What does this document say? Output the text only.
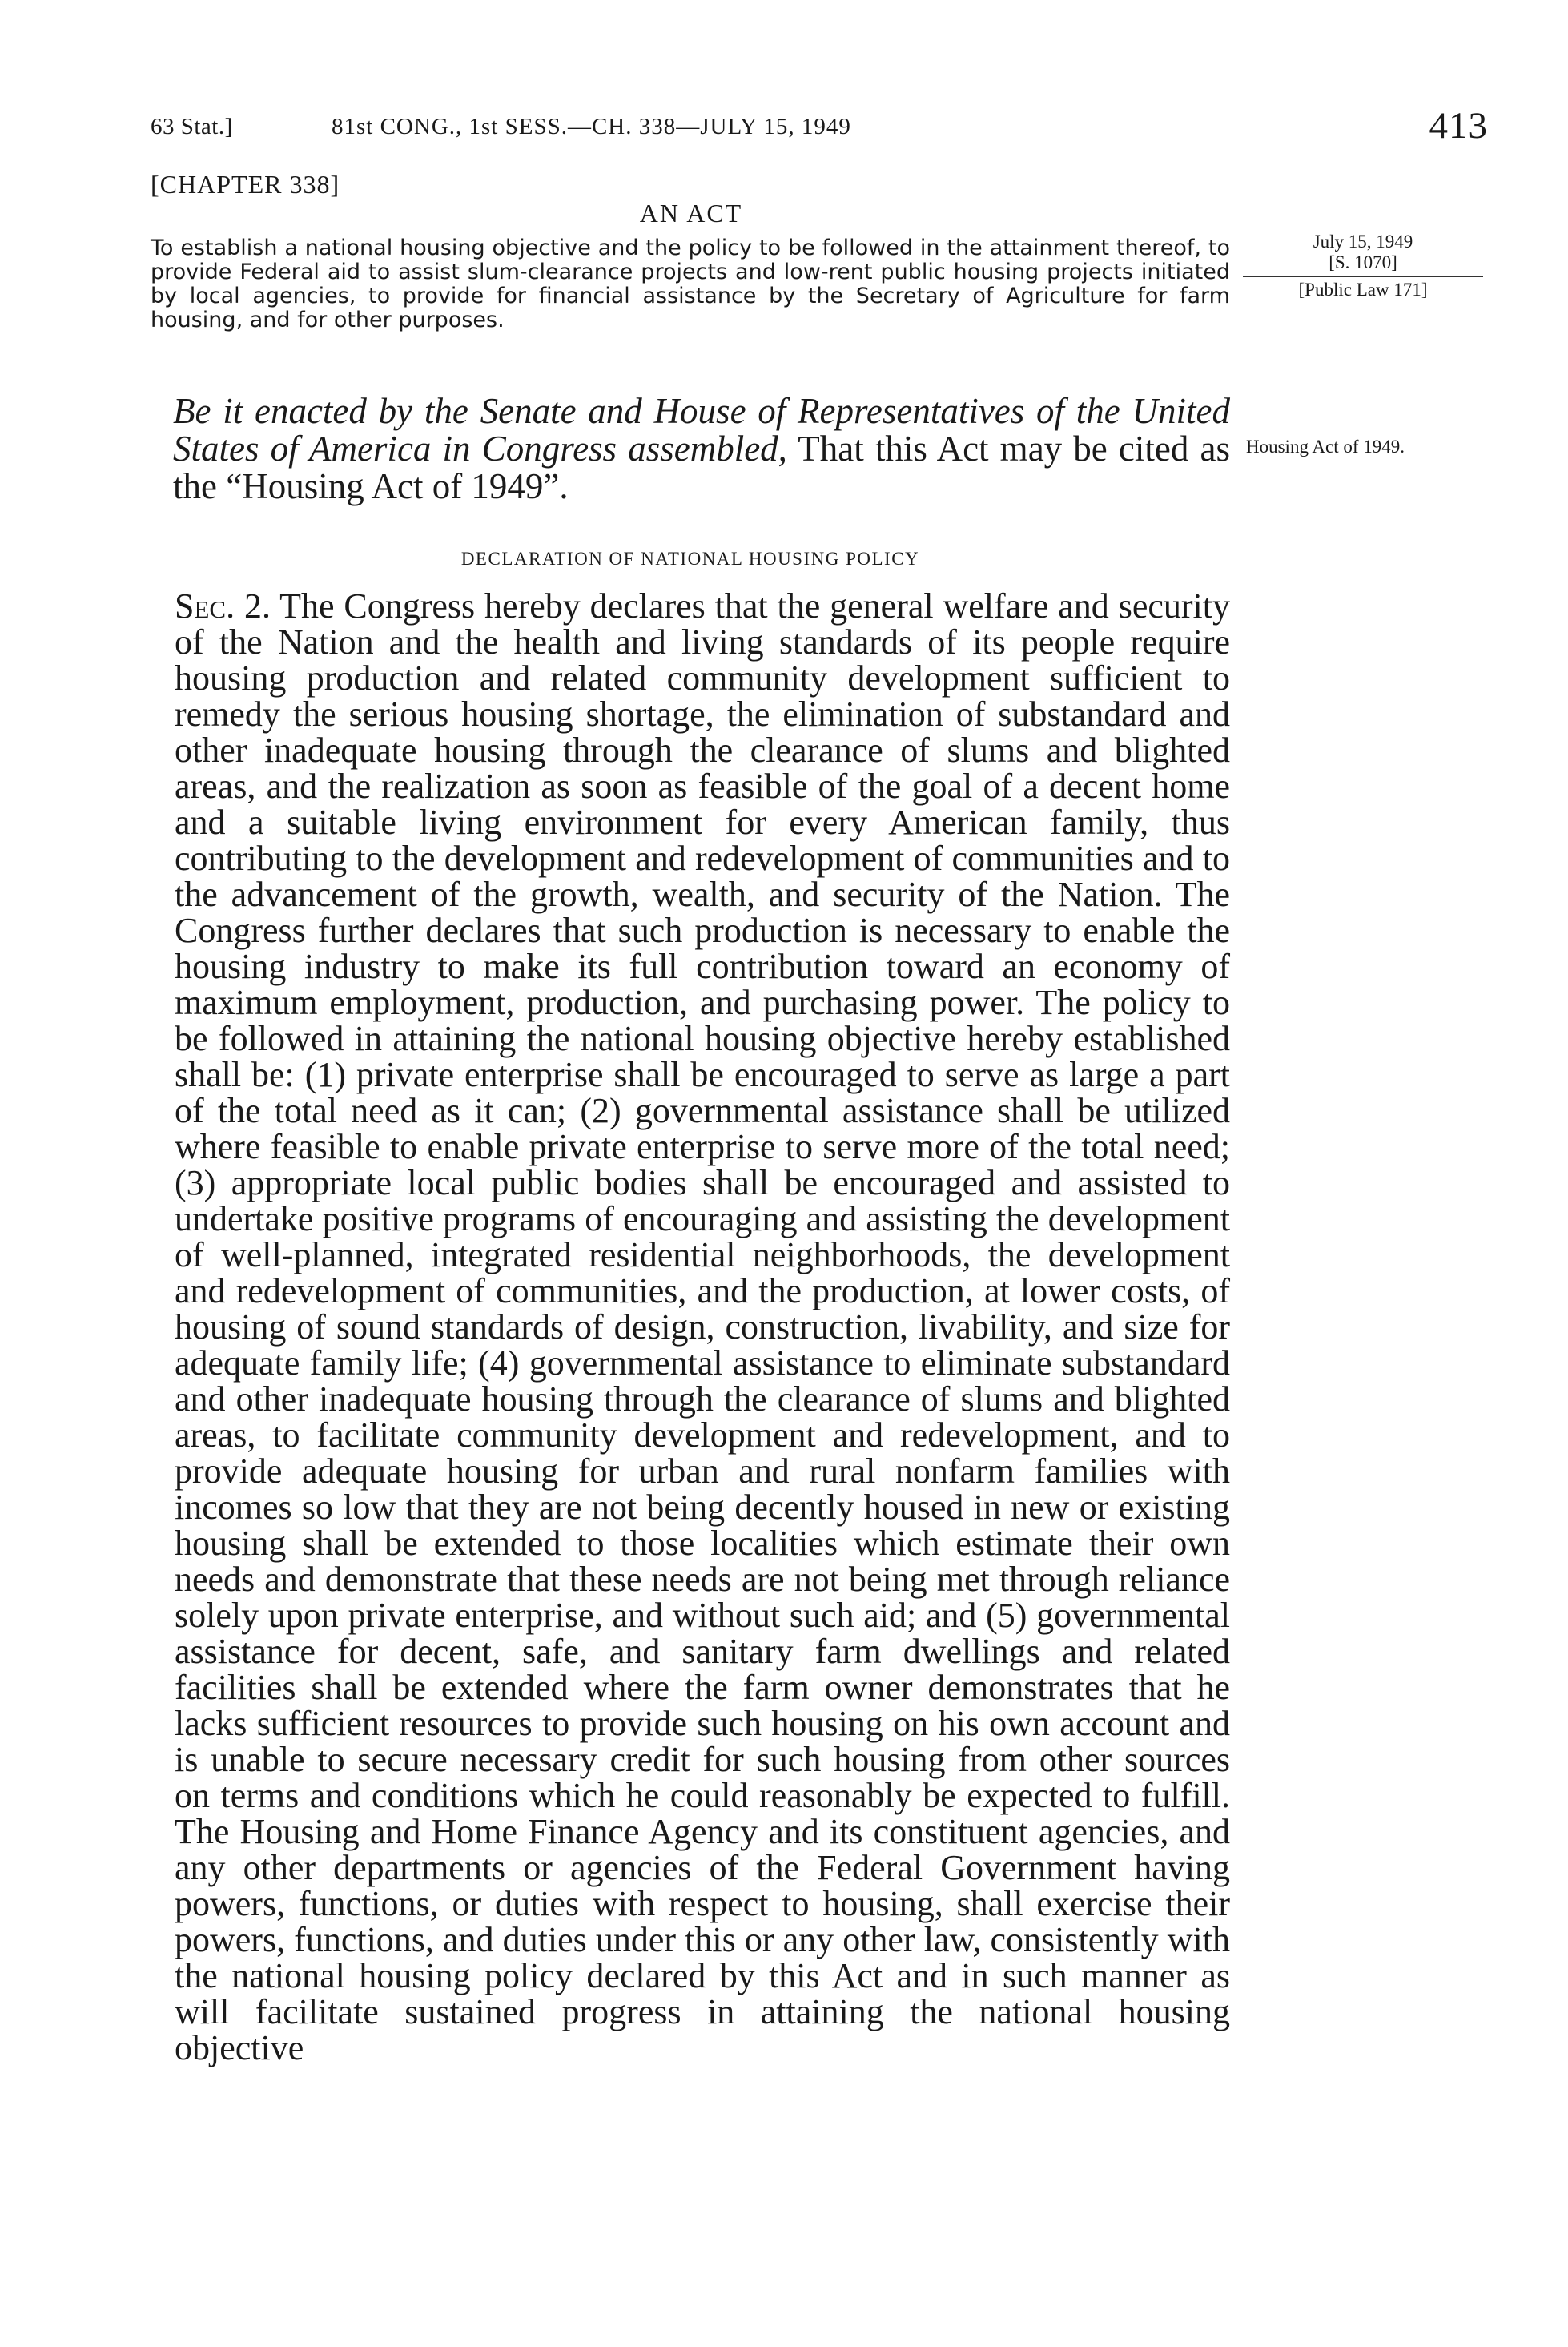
63 Stat.]	81st CONG., 1st SESS.—CH. 338—JULY 15, 1949	413
[CHAPTER 338]
AN ACT
To establish a national housing objective and the policy to be followed in the attainment thereof, to provide Federal aid to assist slum-clearance projects and low-rent public housing projects initiated by local agencies, to provide for financial assistance by the Secretary of Agriculture for farm housing, and for other purposes.
July 15, 1949
[S. 1070]
[Public Law 171]
Housing Act of 1949.
Be it enacted by the Senate and House of Representatives of the United States of America in Congress assembled, That this Act may be cited as the “Housing Act of 1949”.
DECLARATION OF NATIONAL HOUSING POLICY
Sec. 2. The Congress hereby declares that the general welfare and security of the Nation and the health and living standards of its people require housing production and related community development sufficient to remedy the serious housing shortage, the elimination of substandard and other inadequate housing through the clearance of slums and blighted areas, and the realization as soon as feasible of the goal of a decent home and a suitable living environment for every American family, thus contributing to the development and redevelopment of communities and to the advancement of the growth, wealth, and security of the Nation. The Congress further declares that such production is necessary to enable the housing industry to make its full contribution toward an economy of maximum employment, production, and purchasing power. The policy to be followed in attaining the national housing objective hereby established shall be: (1) private enterprise shall be encouraged to serve as large a part of the total need as it can; (2) governmental assistance shall be utilized where feasible to enable private enterprise to serve more of the total need; (3) appropriate local public bodies shall be encouraged and assisted to undertake positive programs of encouraging and assisting the development of well-planned, integrated residential neighborhoods, the development and redevelopment of communities, and the production, at lower costs, of housing of sound standards of design, construction, livability, and size for adequate family life; (4) governmental assistance to eliminate substandard and other inadequate housing through the clearance of slums and blighted areas, to facilitate community development and redevelopment, and to provide adequate housing for urban and rural nonfarm families with incomes so low that they are not being decently housed in new or existing housing shall be extended to those localities which estimate their own needs and demonstrate that these needs are not being met through reliance solely upon private enterprise, and without such aid; and (5) governmental assistance for decent, safe, and sanitary farm dwellings and related facilities shall be extended where the farm owner demonstrates that he lacks sufficient resources to provide such housing on his own account and is unable to secure necessary credit for such housing from other sources on terms and conditions which he could reasonably be expected to fulfill. The Housing and Home Finance Agency and its constituent agencies, and any other departments or agencies of the Federal Government having powers, functions, or duties with respect to housing, shall exercise their powers, functions, and duties under this or any other law, consistently with the national housing policy declared by this Act and in such manner as will facilitate sustained progress in attaining the national housing objective
